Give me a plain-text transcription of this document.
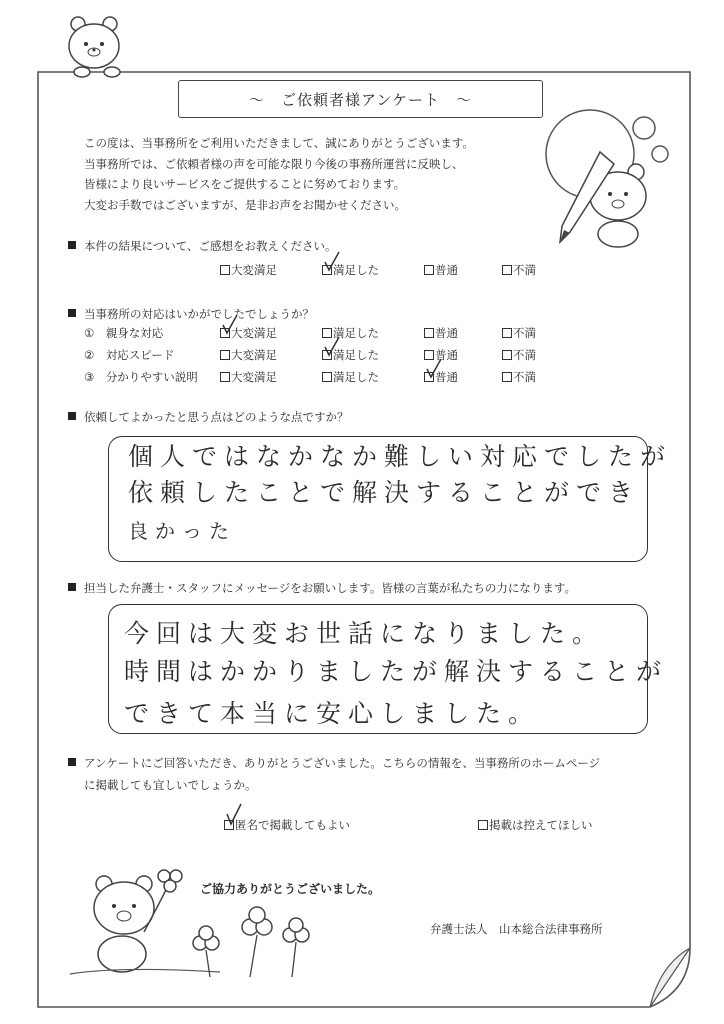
～　ご依頼者様アンケート　～
この度は、当事務所をご利用いただきまして、誠にありがとうございます。
当事務所では、ご依頼者様の声を可能な限り今後の事務所運営に反映し、
皆様により良いサービスをご提供することに努めております。
大変お手数ではございますが、是非お声をお聞かせください。
本件の結果について、ご感想をお教えください。
大変満足	満足した	普通	不満
当事務所の対応はいかがでしたでしょうか？
①　 親身な対応	大変満足	満足した	普通	不満
②　 対応スピード	大変満足	満足した	普通	不満
③　 分かりやすい説明	大変満足	満足した	普通	不満
依頼してよかったと思う点はどのような点ですか？
個人ではなかなか難しい対応でしたが
依頼したことで解決することができ
良かった
担当した弁護士・スタッフにメッセージをお願いします。皆様の言葉が私たちの力になります。
今回は大変お世話になりました。
時間はかかりましたが解決することが
できて本当に安心しました。
アンケートにご回答いただき、ありがとうございました。こちらの情報を、当事務所のホームページ
に掲載しても宜しいでしょうか。
匿名で掲載してもよい	掲載は控えてほしい
ご協力ありがとうございました。
弁護士法人　山本総合法律事務所
